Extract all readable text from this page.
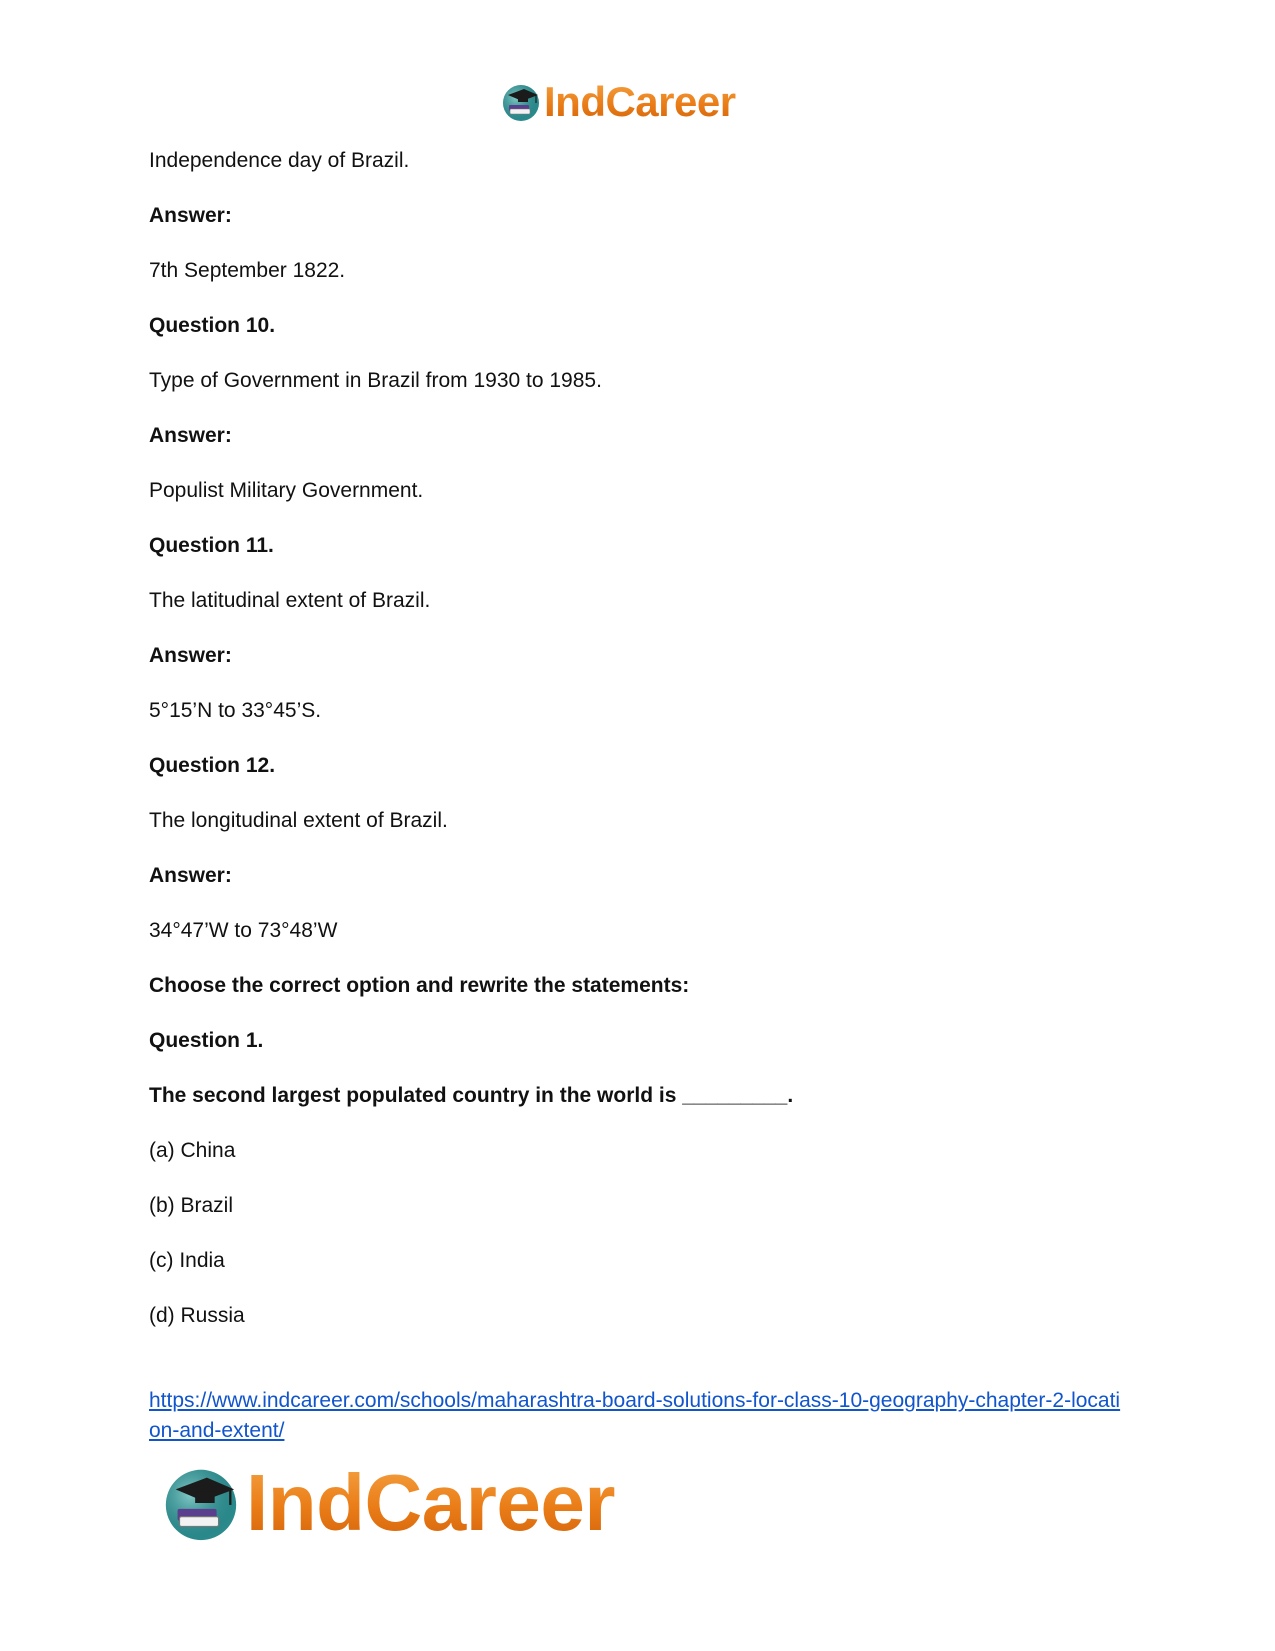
IndCareer
Independence day of Brazil.
Answer:
7th September 1822.
Question 10.
Type of Government in Brazil from 1930 to 1985.
Answer:
Populist Military Government.
Question 11.
The latitudinal extent of Brazil.
Answer:
5°15’N to 33°45’S.
Question 12.
The longitudinal extent of Brazil.
Answer:
34°47’W to 73°48’W
Choose the correct option and rewrite the statements:
Question 1.
The second largest populated country in the world is _________.
(a) China
(b) Brazil
(c) India
(d) Russia
https://www.indcareer.com/schools/maharashtra-board-solutions-for-class-10-geography-chapter-2-location-and-extent/
IndCareer
